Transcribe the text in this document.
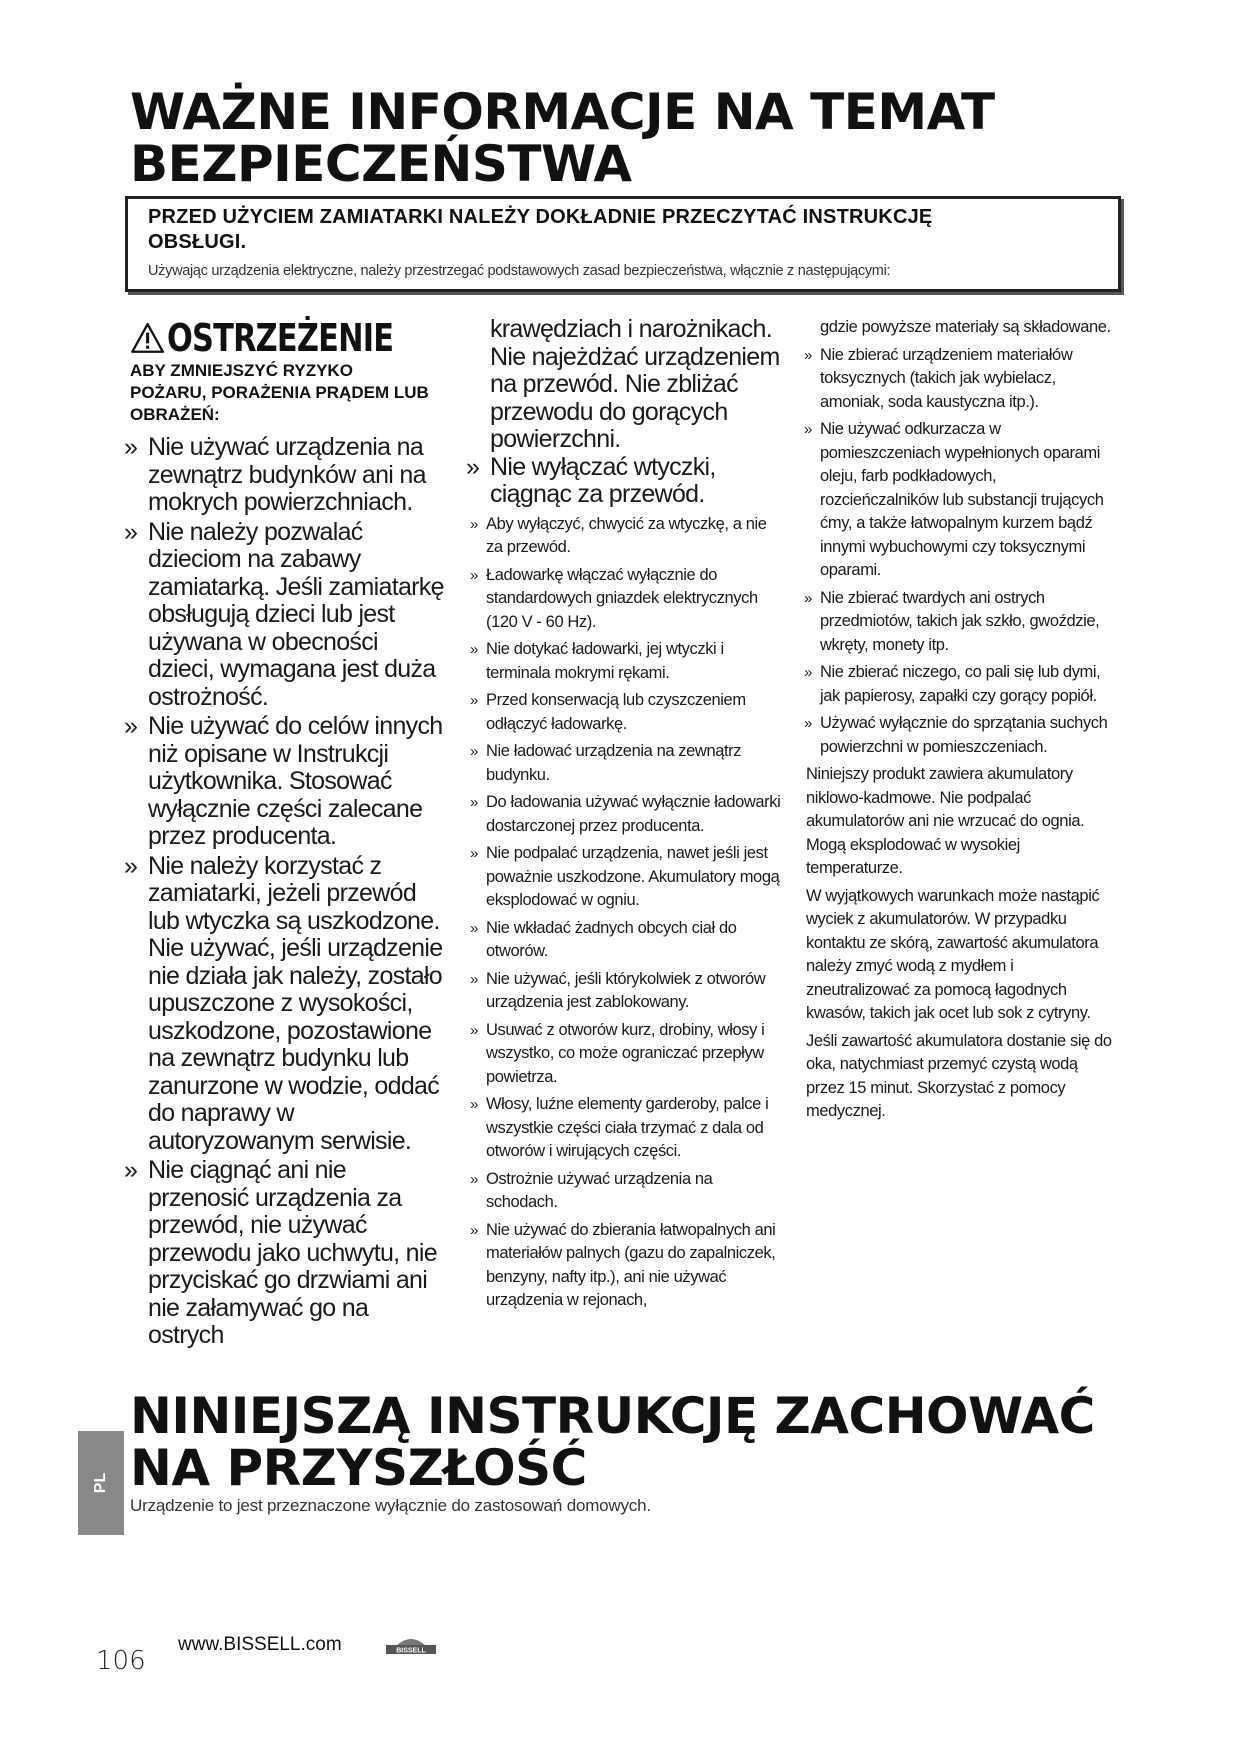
WAŻNE INFORMACJE NA TEMAT
BEZPIECZEŃSTWA
PRZED UŻYCIEM ZAMIATARKI NALEŻY DOKŁADNIE PRZECZYTAĆ INSTRUKCJĘ OBSŁUGI.
Używając urządzenia elektryczne, należy przestrzegać podstawowych zasad bezpieczeństwa, włącznie z następującymi:
OSTRZEŻENIE
ABY ZMNIEJSZYĆ RYZYKO POŻARU, PORAŻENIA PRĄDEM LUB OBRAŻEŃ:
» Nie używać urządzenia na zewnątrz budynków ani na mokrych powierzchniach.
» Nie należy pozwalać dzieciom na zabawy zamiatarką. Jeśli zamiatarkę obsługują dzieci lub jest używana w obecności dzieci, wymagana jest duża ostrożność.
» Nie używać do celów innych niż opisane w Instrukcji użytkownika. Stosować wyłącznie części zalecane przez producenta.
» Nie należy korzystać z zamiatarki, jeżeli przewód lub wtyczka są uszkodzone. Nie używać, jeśli urządzenie nie działa jak należy, zostało upuszczone z wysokości, uszkodzone, pozostawione na zewnątrz budynku lub zanurzone w wodzie, oddać do naprawy w autoryzowanym serwisie.
» Nie ciągnąć ani nie przenosić urządzenia za przewód, nie używać przewodu jako uchwytu, nie przyciskać go drzwiami ani nie załamywać go na ostrych
krawędziach i narożnikach. Nie najeżdżać urządzeniem na przewód. Nie zbliżać przewodu do gorących powierzchni.
» Nie wyłączać wtyczki, ciągnąc za przewód.
» Aby wyłączyć, chwycić za wtyczkę, a nie za przewód.
» Ładowarkę włączać wyłącznie do standardowych gniazdek elektrycznych (120 V - 60 Hz).
» Nie dotykać ładowarki, jej wtyczki i terminala mokrymi rękami.
» Przed konserwacją lub czyszczeniem odłączyć ładowarkę.
» Nie ładować urządzenia na zewnątrz budynku.
» Do ładowania używać wyłącznie ładowarki dostarczonej przez producenta.
» Nie podpalać urządzenia, nawet jeśli jest poważnie uszkodzone. Akumulatory mogą eksplodować w ogniu.
» Nie wkładać żadnych obcych ciał do otworów.
» Nie używać, jeśli którykolwiek z otworów urządzenia jest zablokowany.
» Usuwać z otworów kurz, drobiny, włosy i wszystko, co może ograniczać przepływ powietrza.
» Włosy, luźne elementy garderoby, palce i wszystkie części ciała trzymać z dala od otworów i wirujących części.
» Ostrożnie używać urządzenia na schodach.
» Nie używać do zbierania łatwopalnych ani materiałów palnych (gazu do zapalniczek, benzyny, nafty itp.), ani nie używać urządzenia w rejonach,

gdzie powyższe materiały są składowane.

» Nie zbierać urządzeniem materiałów toksycznych (takich jak wybielacz, amoniak, soda kaustyczna itp.).
» Nie używać odkurzacza w pomieszczeniach wypełnionych oparami oleju, farb podkładowych, rozcieńczalników lub substancji trujących ćmy, a także łatwopalnym kurzem bądź innymi wybuchowymi czy toksycznymi oparami.
» Nie zbierać twardych ani ostrych przedmiotów, takich jak szkło, gwoździe, wkręty, monety itp.
» Nie zbierać niczego, co pali się lub dymi, jak papierosy, zapałki czy gorący popiół.
» Używać wyłącznie do sprzątania suchych powierzchni w pomieszczeniach.

Niniejszy produkt zawiera akumulatory niklowo-kadmowe. Nie podpalać akumulatorów ani nie wrzucać do ognia. Mogą eksplodować w wysokiej temperaturze.

W wyjątkowych warunkach może nastąpić wyciek z akumulatorów. W przypadku kontaktu ze skórą, zawartość akumulatora należy zmyć wodą z mydłem i zneutralizować za pomocą łagodnych kwasów, takich jak ocet lub sok z cytryny.

Jeśli zawartość akumulatora dostanie się do oka, natychmiast przemyć czystą wodą przez 15 minut. Skorzystać z pomocy medycznej.

NINIEJSZĄ INSTRUKCJĘ ZACHOWAĆ
NA PRZYSZŁOŚĆ
Urządzenie to jest przeznaczone wyłącznie do zastosowań domowych.
PL
106
www.BISSELL.com	BISSELL
